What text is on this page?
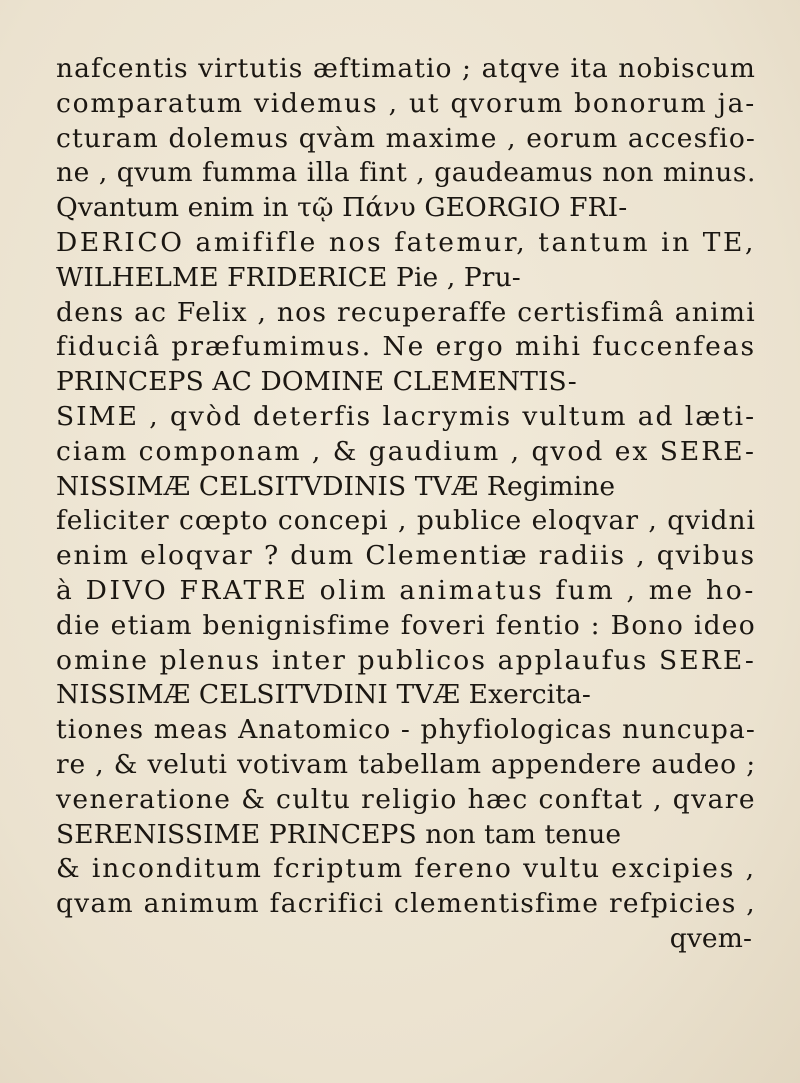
nafcentis virtutis æftimatio ; atqve ita nobiscum
comparatum videmus , ut qvorum bonorum ja-
cturam dolemus qvàm maxime , eorum accesfio-
ne , qvum fumma illa fint , gaudeamus non minus.
Qvantum enim in τῷ Πάνυ GEORGIO FRI-
DERICO amififle nos fatemur, tantum in TE,
WILHELME FRIDERICE Pie , Pru-
dens ac Felix , nos recuperaffe certisfimâ animi
fiduciâ præfumimus. Ne ergo mihi fuccenfeas
PRINCEPS AC DOMINE CLEMENTIS-
SIME , qvòd deterfis lacrymis vultum ad læti-
ciam componam , & gaudium , qvod ex SERE-
NISSIMÆ CELSITVDINIS TVÆ Regimine
feliciter cœpto concepi , publice eloqvar , qvidni
enim eloqvar ? dum Clementiæ radiis , qvibus
à DIVO FRATRE olim animatus fum , me ho-
die etiam benignisfime foveri fentio : Bono ideo
omine plenus inter publicos applaufus SERE-
NISSIMÆ CELSITVDINI TVÆ Exercita-
tiones meas Anatomico - phyfiologicas nuncupa-
re , & veluti votivam tabellam appendere audeo ;
veneratione & cultu religio hæc conftat , qvare
SERENISSIME PRINCEPS non tam tenue
& inconditum fcriptum fereno vultu excipies ,
qvam animum facrifici clementisfime refpicies ,
qvem-
